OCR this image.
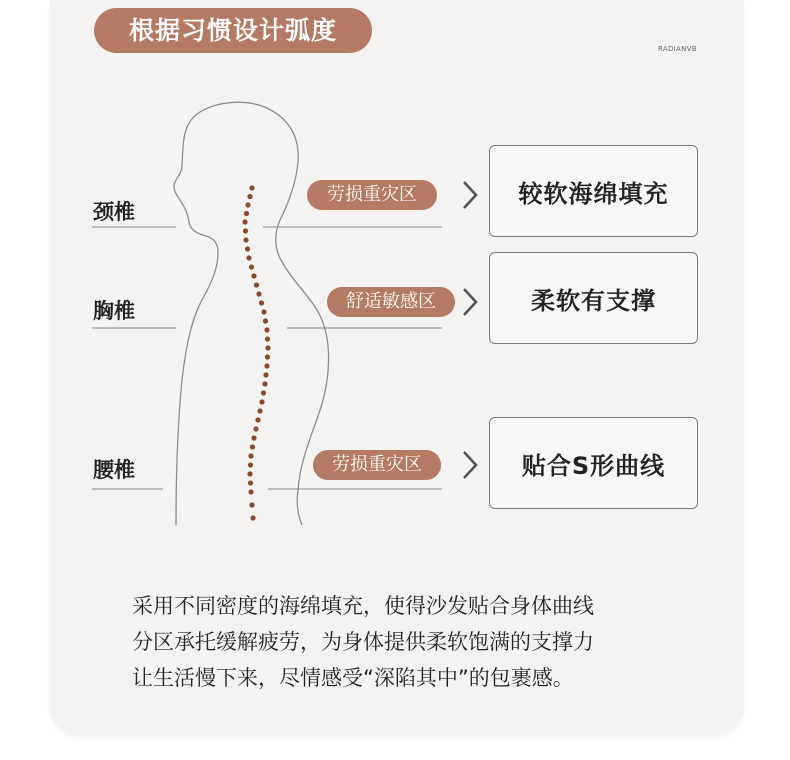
根据习惯设计弧度
RADIANVB
颈椎
劳损重灾区	较软海绵填充
胸椎	舒适敏感区	柔软有支撑
腰椎	劳损重灾区	贴合S形曲线
采用不同密度的海绵填充，使得沙发贴合身体曲线
分区承托缓解疲劳，为身体提供柔软饱满的支撑力
让生活慢下来，尽情感受“深陷其中”的包裹感。
